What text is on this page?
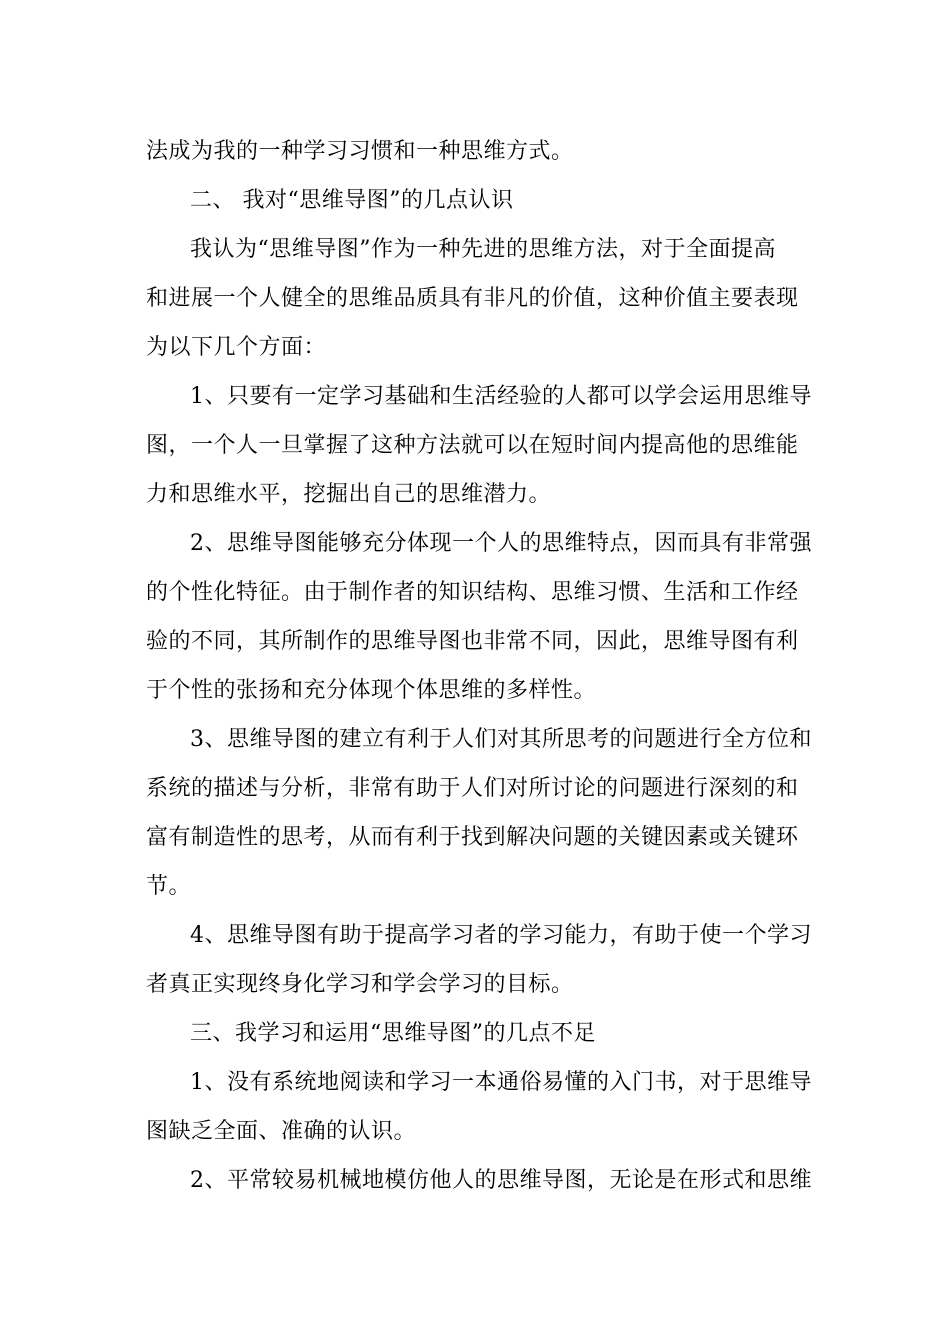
法成为我的一种学习习惯和一种思维方式。
二、 我对“思维导图”的几点认识
我认为“思维导图”作为一种先进的思维方法，对于全面提高
和进展一个人健全的思维品质具有非凡的价值，这种价值主要表现
为以下几个方面：
1、只要有一定学习基础和生活经验的人都可以学会运用思维导
图，一个人一旦掌握了这种方法就可以在短时间内提高他的思维能
力和思维水平，挖掘出自己的思维潜力。
2、思维导图能够充分体现一个人的思维特点，因而具有非常强
的个性化特征。由于制作者的知识结构、思维习惯、生活和工作经
验的不同，其所制作的思维导图也非常不同，因此，思维导图有利
于个性的张扬和充分体现个体思维的多样性。
3、思维导图的建立有利于人们对其所思考的问题进行全方位和
系统的描述与分析，非常有助于人们对所讨论的问题进行深刻的和
富有制造性的思考，从而有利于找到解决问题的关键因素或关键环
节。
4、思维导图有助于提高学习者的学习能力，有助于使一个学习
者真正实现终身化学习和学会学习的目标。
三、我学习和运用“思维导图”的几点不足
1、没有系统地阅读和学习一本通俗易懂的入门书，对于思维导
图缺乏全面、准确的认识。
2、平常较易机械地模仿他人的思维导图，无论是在形式和思维
